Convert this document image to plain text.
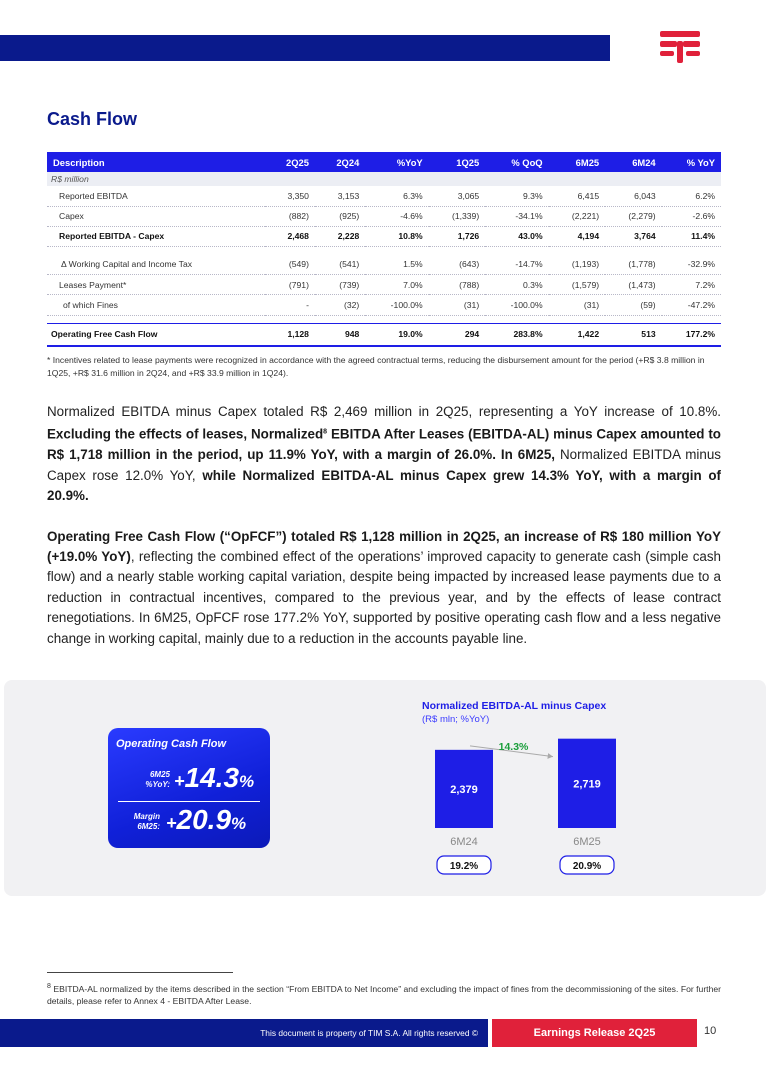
Cash Flow
Description	2Q25	2Q24	%YoY	1Q25	% QoQ	6M25	6M24	% YoY
R$ million								
Reported EBITDA	3,350	3,153	6.3%	3,065	9.3%	6,415	6,043	6.2%
Capex	(882)	(925)	-4.6%	(1,339)	-34.1%	(2,221)	(2,279)	-2.6%
Reported EBITDA - Capex	2,468	2,228	10.8%	1,726	43.0%	4,194	3,764	11.4%

Δ Working Capital and Income Tax	(549)	(541)	1.5%	(643)	-14.7%	(1,193)	(1,778)	-32.9%
Leases Payment*	(791)	(739)	7.0%	(788)	0.3%	(1,579)	(1,473)	7.2%
of which Fines	-	(32)	-100.0%	(31)	-100.0%	(31)	(59)	-47.2%

Operating Free Cash Flow	1,128	948	19.0%	294	283.8%	1,422	513	177.2%
* Incentives related to lease payments were recognized in accordance with the agreed contractual terms, reducing the disbursement amount for the period (+R$ 3.8 million in 1Q25, +R$ 31.6 million in 2Q24, and +R$ 33.9 million in 1Q24).

Normalized EBITDA minus Capex totaled R$ 2,469 million in 2Q25, representing a YoY increase of 10.8%. Excluding the effects of leases, Normalized$^8$ EBITDA After Leases (EBITDA-AL) minus Capex amounted to R$ 1,718 million in the period, up 11.9% YoY, with a margin of 26.0%. In 6M25, Normalized EBITDA minus Capex rose 12.0% YoY, while Normalized EBITDA-AL minus Capex grew 14.3% YoY, with a margin of 20.9%.

Operating Free Cash Flow (“OpFCF”) totaled R$ 1,128 million in 2Q25, an increase of R$ 180 million YoY (+19.0% YoY), reflecting the combined effect of the operations’ improved capacity to generate cash (simple cash flow) and a nearly stable working capital variation, despite being impacted by increased lease payments due to a reduction in contractual incentives, compared to the previous year, and by the effects of lease contract renegotiations. In 6M25, OpFCF rose 177.2% YoY, supported by positive operating cash flow and a less negative change in working capital, mainly due to a reduction in the accounts payable line.

Operating Cash Flow
6M25
%YoY: +14.3%
Margin
6M25: +20.9%
Normalized EBITDA-AL minus Capex
(R$ mln; %YoY)
2,379
6M24
19.2%
2,719
6M25
20.9%
14.3%
$^8$ EBITDA-AL normalized by the items described in the section “From EBITDA to Net Income” and excluding the impact of fines from the decommissioning of the sites. For further details, please refer to Annex 4 - EBITDA After Lease.
This document is property of TIM S.A. All rights reserved ©	Earnings Release 2Q25	10
